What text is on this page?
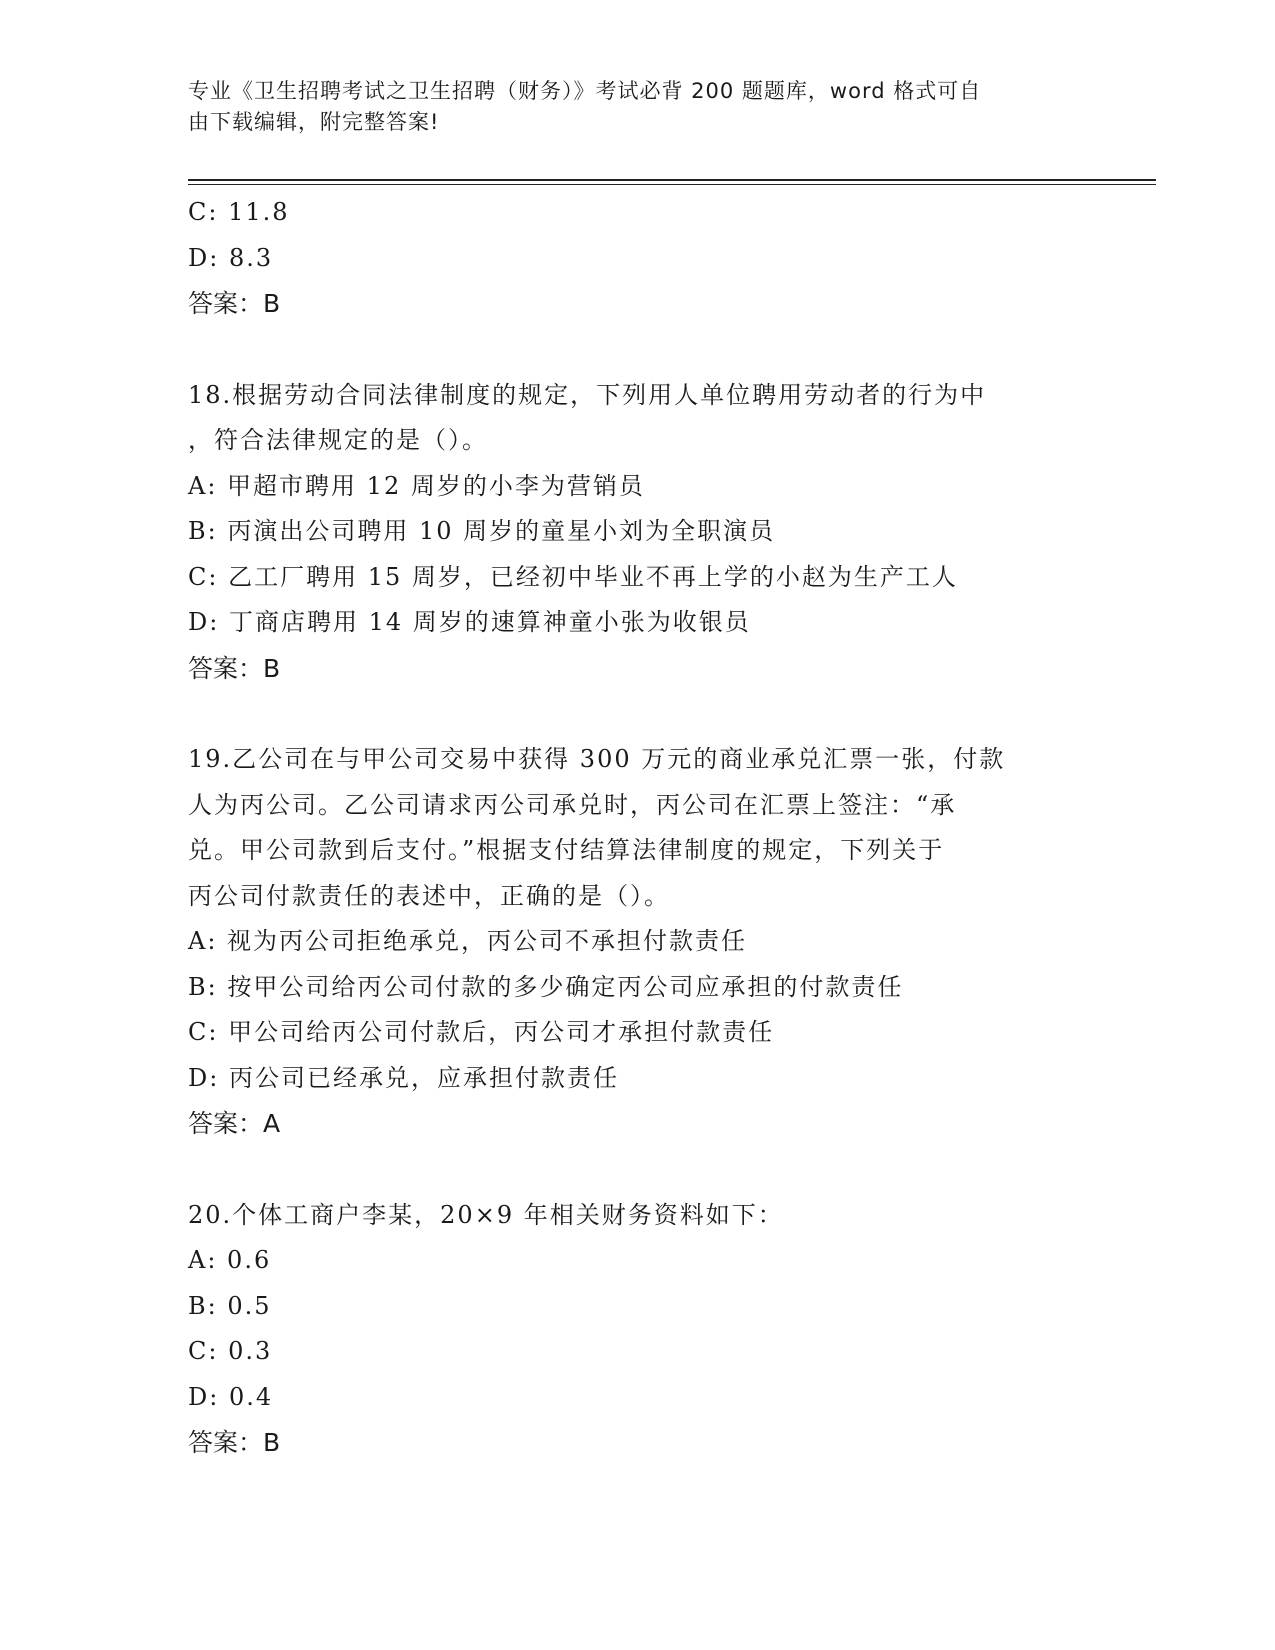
专业《卫生招聘考试之卫生招聘（财务）》考试必背 200 题题库，word 格式可自
由下载编辑，附完整答案!
C: 11.8
D: 8.3
答案：B
18.根据劳动合同法律制度的规定，下列用人单位聘用劳动者的行为中
，符合法律规定的是（）。
A: 甲超市聘用 12 周岁的小李为营销员
B: 丙演出公司聘用 10 周岁的童星小刘为全职演员
C: 乙工厂聘用 15 周岁，已经初中毕业不再上学的小赵为生产工人
D: 丁商店聘用 14 周岁的速算神童小张为收银员
答案：B
19.乙公司在与甲公司交易中获得 300 万元的商业承兑汇票一张，付款
人为丙公司。乙公司请求丙公司承兑时，丙公司在汇票上签注：“承
兑。甲公司款到后支付。”根据支付结算法律制度的规定，下列关于
丙公司付款责任的表述中，正确的是（）。
A: 视为丙公司拒绝承兑，丙公司不承担付款责任
B: 按甲公司给丙公司付款的多少确定丙公司应承担的付款责任
C: 甲公司给丙公司付款后，丙公司才承担付款责任
D: 丙公司已经承兑，应承担付款责任
答案：A
20.个体工商户李某，20×9 年相关财务资料如下：
A: 0.6
B: 0.5
C: 0.3
D: 0.4
答案：B
